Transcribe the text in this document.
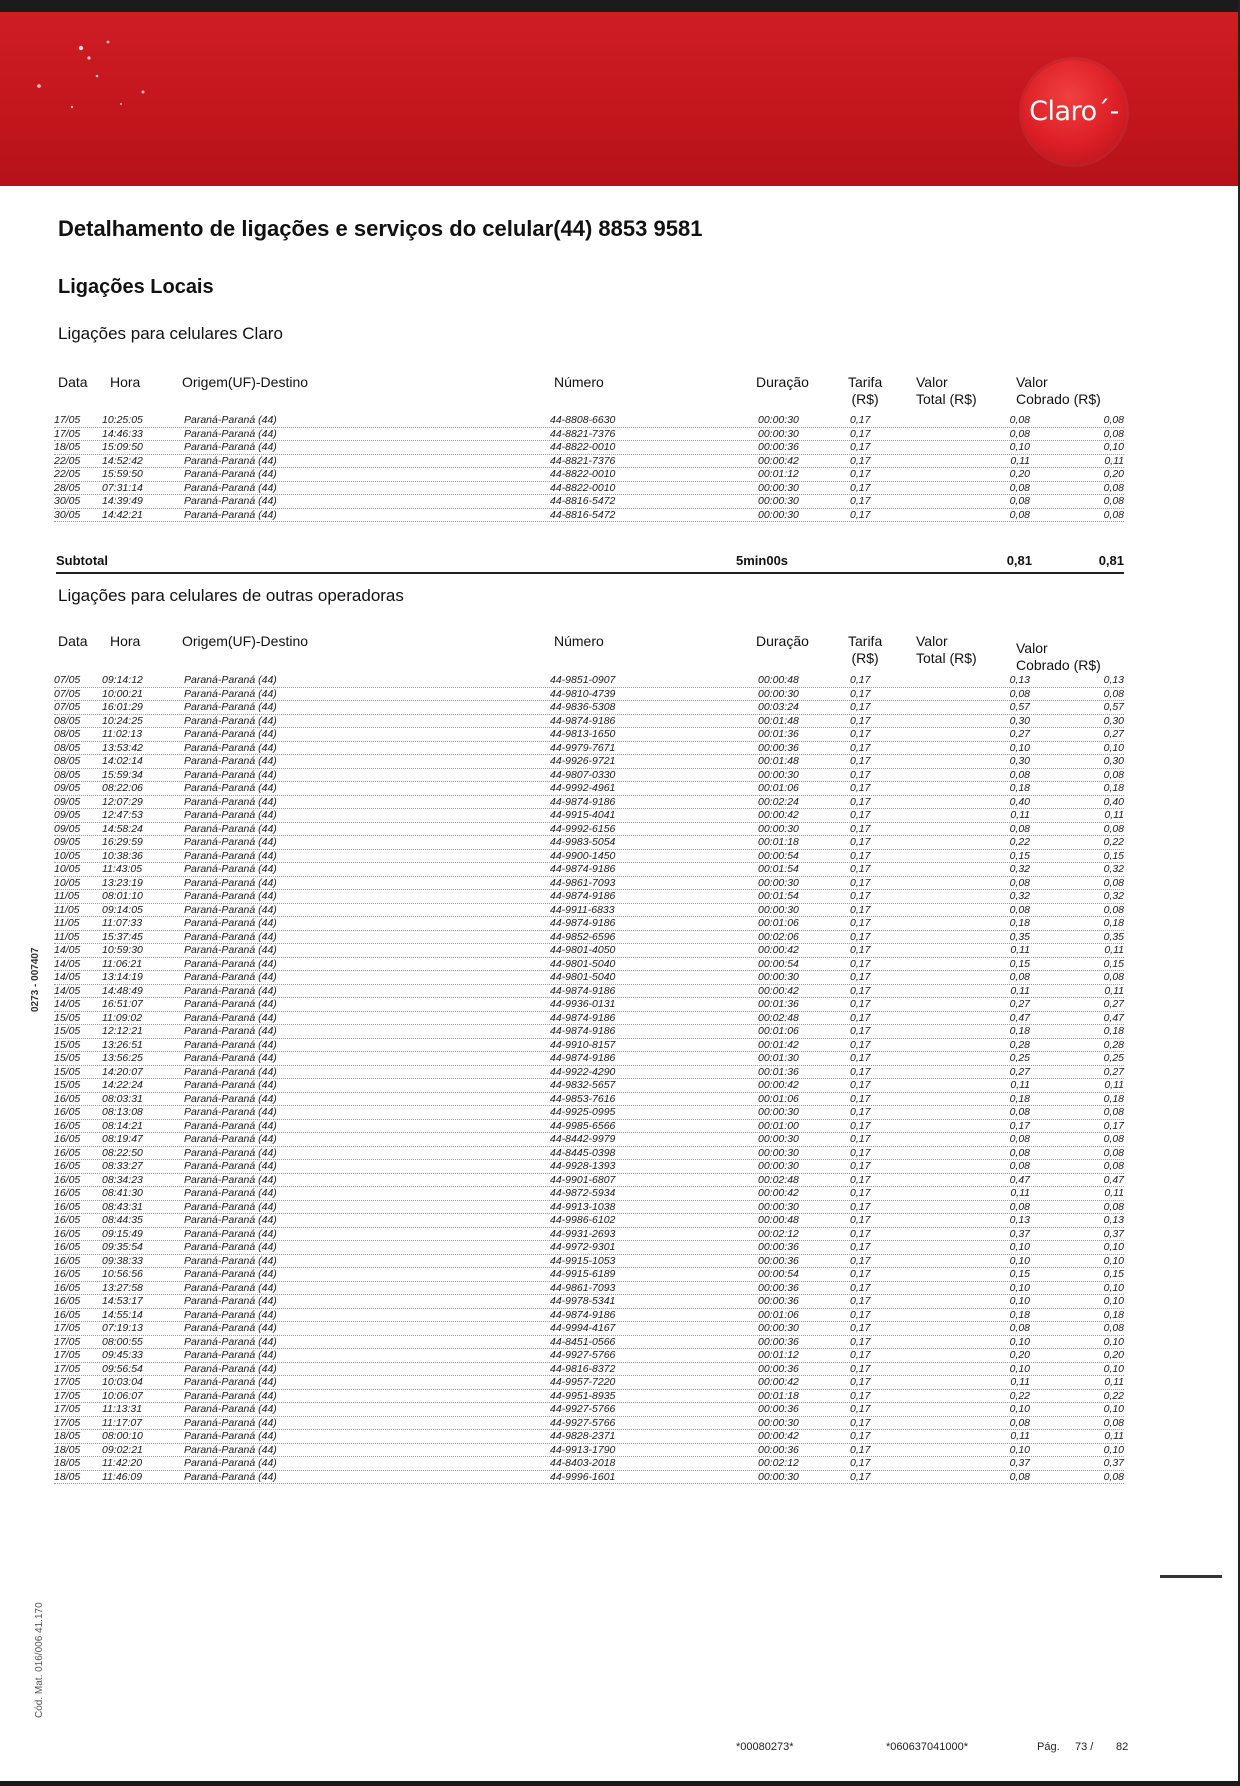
Claro´-
Detalhamento de ligações e serviços do celular(44) 8853 9581
Ligações Locais
Ligações para celulares Claro
Data Hora	Origem(UF)-Destino	Número	Duração	Tarifa
(R$)
Valor
Total (R$)
Valor
Cobrado (R$)
17/05 10:25:05	Paraná-Paraná (44)	44-8808-6630	00:00:30	0,17	0,08	0,08
17/05 14:46:33	Paraná-Paraná (44)	44-8821-7376	00:00:30	0,17	0,08	0,08
18/05 15:09:50	Paraná-Paraná (44)	44-8822-0010	00:00:36	0,17	0,10	0,10
22/05 14:52:42	Paraná-Paraná (44)	44-8821-7376	00:00:42	0,17	0,11	0,11
22/05 15:59:50	Paraná-Paraná (44)	44-8822-0010	00:01:12	0,17	0,20	0,20
28/05 07:31:14	Paraná-Paraná (44)	44-8822-0010	00:00:30	0,17	0,08	0,08
30/05 14:39:49	Paraná-Paraná (44)	44-8816-5472	00:00:30	0,17	0,08	0,08
30/05 14:42:21	Paraná-Paraná (44)	44-8816-5472	00:00:30	0,17	0,08	0,08
Subtotal	5min00s	0,81	0,81
Ligações para celulares de outras operadoras
Data Hora	Origem(UF)-Destino	Número	Duração	Tarifa
(R$)
Valor
Total (R$)
Valor
Cobrado (R$)
07/05 09:14:12	Paraná-Paraná (44)	44-9851-0907	00:00:48	0,17	0,13	0,13
07/05 10:00:21	Paraná-Paraná (44)	44-9810-4739	00:00:30	0,17	0,08	0,08
07/05 16:01:29	Paraná-Paraná (44)	44-9836-5308	00:03:24	0,17	0,57	0,57
08/05 10:24:25	Paraná-Paraná (44)	44-9874-9186	00:01:48	0,17	0,30	0,30
08/05 11:02:13	Paraná-Paraná (44)	44-9813-1650	00:01:36	0,17	0,27	0,27
08/05 13:53:42	Paraná-Paraná (44)	44-9979-7671	00:00:36	0,17	0,10	0,10
08/05 14:02:14	Paraná-Paraná (44)	44-9926-9721	00:01:48	0,17	0,30	0,30
08/05 15:59:34	Paraná-Paraná (44)	44-9807-0330	00:00:30	0,17	0,08	0,08
09/05 08:22:06	Paraná-Paraná (44)	44-9992-4961	00:01:06	0,17	0,18	0,18
09/05 12:07:29	Paraná-Paraná (44)	44-9874-9186	00:02:24	0,17	0,40	0,40
09/05 12:47:53	Paraná-Paraná (44)	44-9915-4041	00:00:42	0,17	0,11	0,11
09/05 14:58:24	Paraná-Paraná (44)	44-9992-6156	00:00:30	0,17	0,08	0,08
09/05 16:29:59	Paraná-Paraná (44)	44-9983-5054	00:01:18	0,17	0,22	0,22
10/05 10:38:36	Paraná-Paraná (44)	44-9900-1450	00:00:54	0,17	0,15	0,15
10/05 11:43:05	Paraná-Paraná (44)	44-9874-9186	00:01:54	0,17	0,32	0,32
10/05 13:23:19	Paraná-Paraná (44)	44-9861-7093	00:00:30	0,17	0,08	0,08
11/05 08:01:10	Paraná-Paraná (44)	44-9874-9186	00:01:54	0,17	0,32	0,32
11/05 09:14:05	Paraná-Paraná (44)	44-9911-6833	00:00:30	0,17	0,08	0,08
11/05 11:07:33	Paraná-Paraná (44)	44-9874-9186	00:01:06	0,17	0,18	0,18
11/05 15:37:45	Paraná-Paraná (44)	44-9852-6596	00:02:06	0,17	0,35	0,35
14/05 10:59:30	Paraná-Paraná (44)	44-9801-4050	00:00:42	0,17	0,11	0,11
14/05 11:06:21	Paraná-Paraná (44)	44-9801-5040	00:00:54	0,17	0,15	0,15
14/05 13:14:19	Paraná-Paraná (44)	44-9801-5040	00:00:30	0,17	0,08	0,08
14/05 14:48:49	Paraná-Paraná (44)	44-9874-9186	00:00:42	0,17	0,11	0,11
14/05 16:51:07	Paraná-Paraná (44)	44-9936-0131	00:01:36	0,17	0,27	0,27
15/05 11:09:02	Paraná-Paraná (44)	44-9874-9186	00:02:48	0,17	0,47	0,47
15/05 12:12:21	Paraná-Paraná (44)	44-9874-9186	00:01:06	0,17	0,18	0,18
15/05 13:26:51	Paraná-Paraná (44)	44-9910-8157	00:01:42	0,17	0,28	0,28
15/05 13:56:25	Paraná-Paraná (44)	44-9874-9186	00:01:30	0,17	0,25	0,25
15/05 14:20:07	Paraná-Paraná (44)	44-9922-4290	00:01:36	0,17	0,27	0,27
15/05 14:22:24	Paraná-Paraná (44)	44-9832-5657	00:00:42	0,17	0,11	0,11
16/05 08:03:31	Paraná-Paraná (44)	44-9853-7616	00:01:06	0,17	0,18	0,18
16/05 08:13:08	Paraná-Paraná (44)	44-9925-0995	00:00:30	0,17	0,08	0,08
16/05 08:14:21	Paraná-Paraná (44)	44-9985-6566	00:01:00	0,17	0,17	0,17
16/05 08:19:47	Paraná-Paraná (44)	44-8442-9979	00:00:30	0,17	0,08	0,08
16/05 08:22:50	Paraná-Paraná (44)	44-8445-0398	00:00:30	0,17	0,08	0,08
16/05 08:33:27	Paraná-Paraná (44)	44-9928-1393	00:00:30	0,17	0,08	0,08
16/05 08:34:23	Paraná-Paraná (44)	44-9901-6807	00:02:48	0,17	0,47	0,47
16/05 08:41:30	Paraná-Paraná (44)	44-9872-5934	00:00:42	0,17	0,11	0,11
16/05 08:43:31	Paraná-Paraná (44)	44-9913-1038	00:00:30	0,17	0,08	0,08
16/05 08:44:35	Paraná-Paraná (44)	44-9986-6102	00:00:48	0,17	0,13	0,13
16/05 09:15:49	Paraná-Paraná (44)	44-9931-2693	00:02:12	0,17	0,37	0,37
16/05 09:35:54	Paraná-Paraná (44)	44-9972-9301	00:00:36	0,17	0,10	0,10
16/05 09:38:33	Paraná-Paraná (44)	44-9915-1053	00:00:36	0,17	0,10	0,10
16/05 10:56:56	Paraná-Paraná (44)	44-9915-6189	00:00:54	0,17	0,15	0,15
16/05 13:27:58	Paraná-Paraná (44)	44-9861-7093	00:00:36	0,17	0,10	0,10
16/05 14:53:17	Paraná-Paraná (44)	44-9978-5341	00:00:36	0,17	0,10	0,10
16/05 14:55:14	Paraná-Paraná (44)	44-9874-9186	00:01:06	0,17	0,18	0,18
17/05 07:19:13	Paraná-Paraná (44)	44-9994-4167	00:00:30	0,17	0,08	0,08
17/05 08:00:55	Paraná-Paraná (44)	44-8451-0566	00:00:36	0,17	0,10	0,10
17/05 09:45:33	Paraná-Paraná (44)	44-9927-5766	00:01:12	0,17	0,20	0,20
17/05 09:56:54	Paraná-Paraná (44)	44-9816-8372	00:00:36	0,17	0,10	0,10
17/05 10:03:04	Paraná-Paraná (44)	44-9957-7220	00:00:42	0,17	0,11	0,11
17/05 10:06:07	Paraná-Paraná (44)	44-9951-8935	00:01:18	0,17	0,22	0,22
17/05 11:13:31	Paraná-Paraná (44)	44-9927-5766	00:00:36	0,17	0,10	0,10
17/05 11:17:07	Paraná-Paraná (44)	44-9927-5766	00:00:30	0,17	0,08	0,08
18/05 08:00:10	Paraná-Paraná (44)	44-9828-2371	00:00:42	0,17	0,11	0,11
18/05 09:02:21	Paraná-Paraná (44)	44-9913-1790	00:00:36	0,17	0,10	0,10
18/05 11:42:20	Paraná-Paraná (44)	44-8403-2018	00:02:12	0,17	0,37	0,37
18/05 11:46:09	Paraná-Paraná (44)	44-9996-1601	00:00:30	0,17	0,08	0,08
0273 - 007407
Cód. Mat. 016/006 41.170
*00080273*	*060637041000*	Pág. 73 / 82
